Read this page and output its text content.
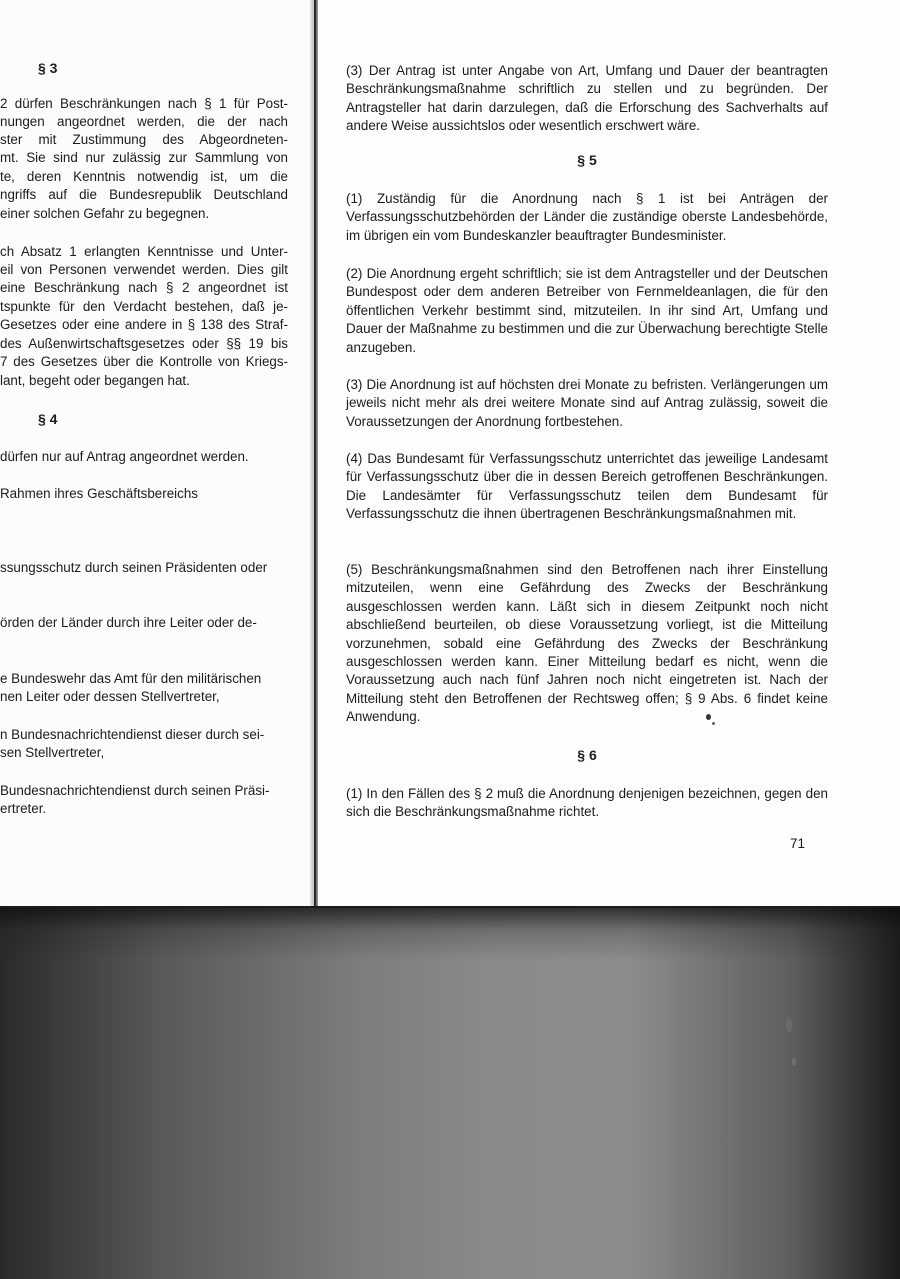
§ 3

2 dürfen Beschränkungen nach § 1 für Post-
nungen angeordnet werden, die der nach
ster mit Zustimmung des Abgeordneten-
mt. Sie sind nur zulässig zur Sammlung von
te, deren Kenntnis notwendig ist, um die
ngriffs auf die Bundesrepublik Deutschland
einer solchen Gefahr zu begegnen.
ch Absatz 1 erlangten Kenntnisse und Unter-
eil von Personen verwendet werden. Dies gilt
eine Beschränkung nach § 2 angeordnet ist
tspunkte für den Verdacht bestehen, daß je-
Gesetzes oder eine andere in § 138 des Straf-
des Außenwirtschaftsgesetzes oder §§ 19 bis
7 des Gesetzes über die Kontrolle von Kriegs-
lant, begeht oder begangen hat.

§ 4

dürfen nur auf Antrag angeordnet werden.
Rahmen ihres Geschäftsbereichs
ssungsschutz durch seinen Präsidenten oder
örden der Länder durch ihre Leiter oder de-
e Bundeswehr das Amt für den militärischen
nen Leiter oder dessen Stellvertreter,
n Bundesnachrichtendienst dieser durch sei-
sen Stellvertreter,
Bundesnachrichtendienst durch seinen Präsi-
ertreter.

(3) Der Antrag ist unter Angabe von Art, Umfang und Dauer der beantragten Beschränkungsmaßnahme schriftlich zu stellen und zu begründen. Der Antragsteller hat darin darzulegen, daß die Erforschung des Sachverhalts auf andere Weise aussichtslos oder wesentlich erschwert wäre.

§ 5

(1) Zuständig für die Anordnung nach § 1 ist bei Anträgen der Verfassungsschutzbehörden der Länder die zuständige oberste Landesbehörde, im übrigen ein vom Bundeskanzler beauftragter Bundesminister.

(2) Die Anordnung ergeht schriftlich; sie ist dem Antragsteller und der Deutschen Bundespost oder dem anderen Betreiber von Fernmeldeanlagen, die für den öffentlichen Verkehr bestimmt sind, mitzuteilen. In ihr sind Art, Umfang und Dauer der Maßnahme zu bestimmen und die zur Überwachung berechtigte Stelle anzugeben.

(3) Die Anordnung ist auf höchsten drei Monate zu befristen. Verlängerungen um jeweils nicht mehr als drei weitere Monate sind auf Antrag zulässig, soweit die Voraussetzungen der Anordnung fortbestehen.

(4) Das Bundesamt für Verfassungsschutz unterrichtet das jeweilige Landesamt für Verfassungsschutz über die in dessen Bereich getroffenen Beschränkungen. Die Landesämter für Verfassungsschutz teilen dem Bundesamt für Verfassungsschutz die ihnen übertragenen Beschränkungsmaßnahmen mit.

(5) Beschränkungsmaßnahmen sind den Betroffenen nach ihrer Einstellung mitzuteilen, wenn eine Gefährdung des Zwecks der Beschränkung ausgeschlossen werden kann. Läßt sich in diesem Zeitpunkt noch nicht abschließend beurteilen, ob diese Voraussetzung vorliegt, ist die Mitteilung vorzunehmen, sobald eine Gefährdung des Zwecks der Beschränkung ausgeschlossen werden kann. Einer Mitteilung bedarf es nicht, wenn die Voraussetzung auch nach fünf Jahren noch nicht eingetreten ist. Nach der Mitteilung steht den Betroffenen der Rechtsweg offen; § 9 Abs. 6 findet keine Anwendung.

§ 6

(1) In den Fällen des § 2 muß die Anordnung denjenigen bezeichnen, gegen den sich die Beschränkungsmaßnahme richtet.

71
